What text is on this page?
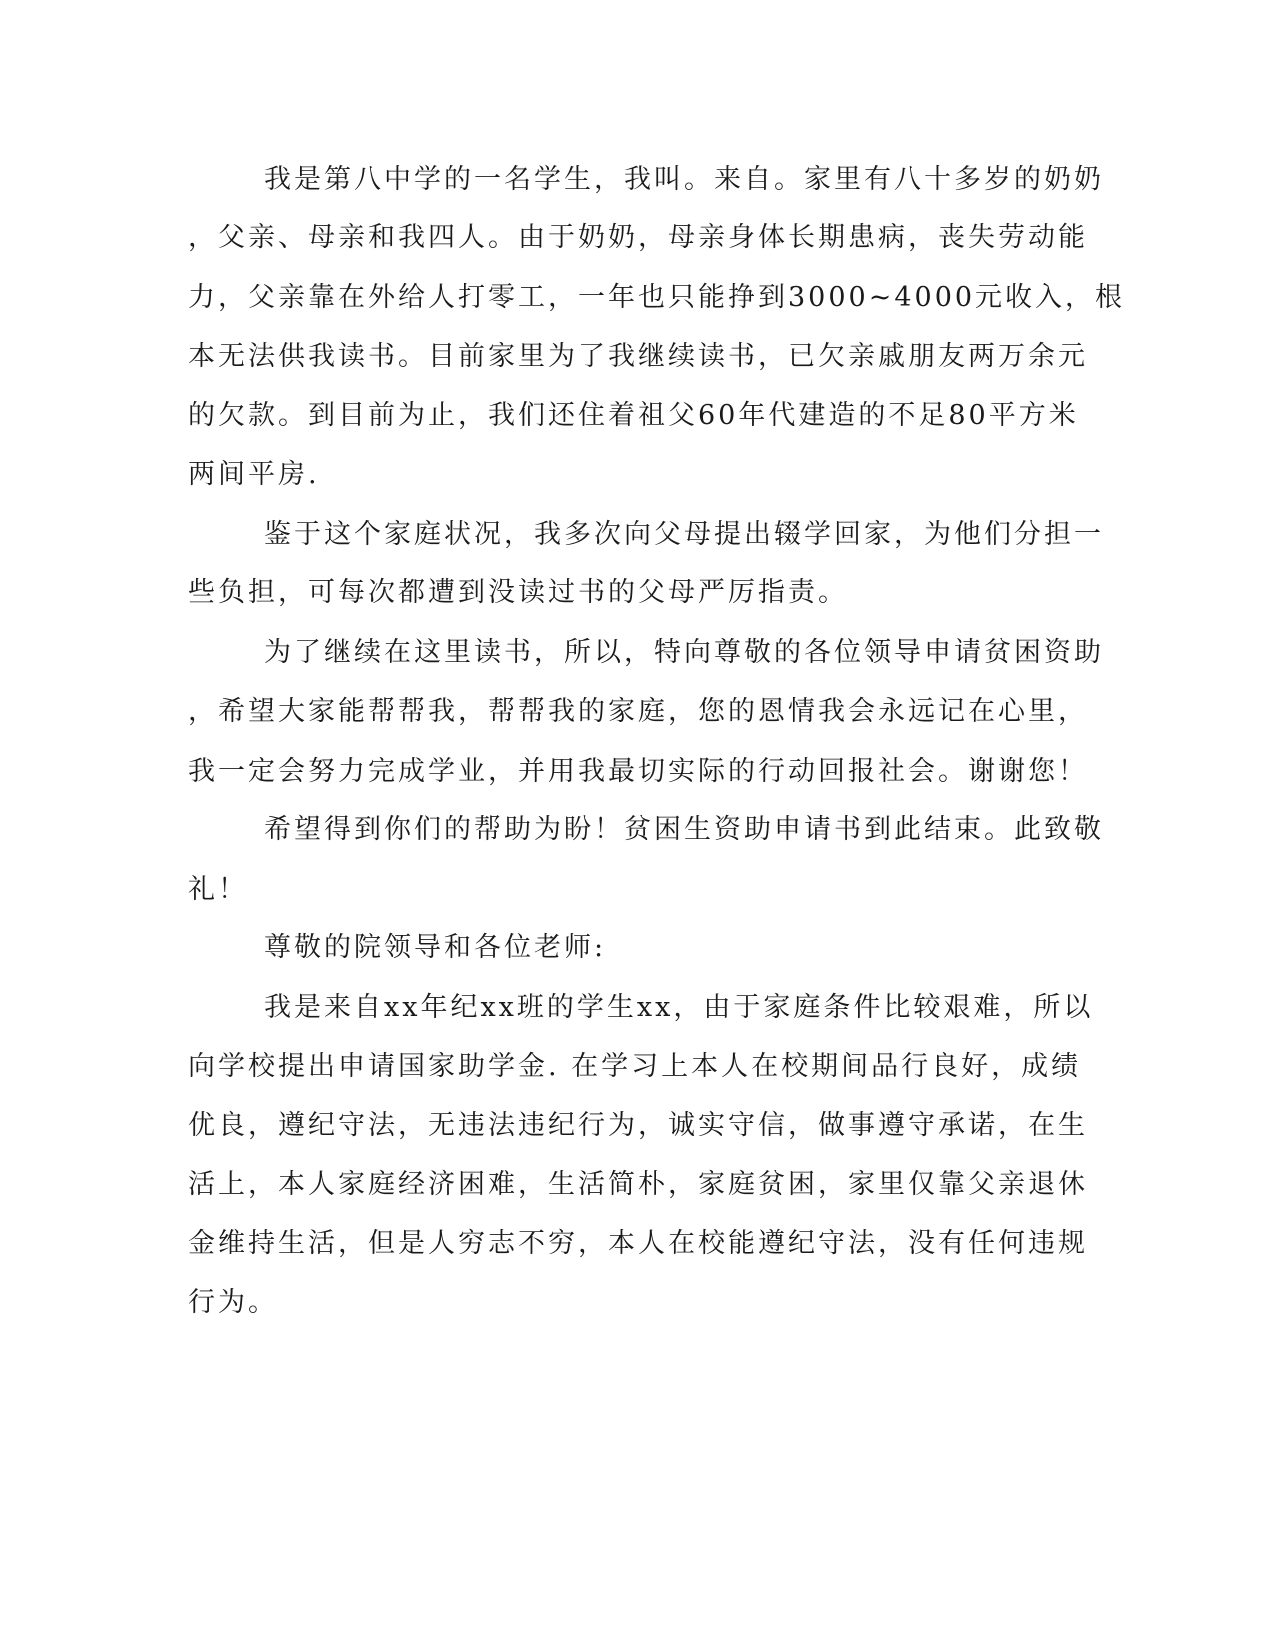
我是第八中学的一名学生，我叫。来自。家里有八十多岁的奶奶
，父亲、母亲和我四人。由于奶奶，母亲身体长期患病，丧失劳动能
力，父亲靠在外给人打零工，一年也只能挣到3000~4000元收入，根
本无法供我读书。目前家里为了我继续读书，已欠亲戚朋友两万余元
的欠款。到目前为止，我们还住着祖父60年代建造的不足80平方米
两间平房.
鉴于这个家庭状况，我多次向父母提出辍学回家，为他们分担一
些负担，可每次都遭到没读过书的父母严厉指责。
为了继续在这里读书，所以，特向尊敬的各位领导申请贫困资助
，希望大家能帮帮我，帮帮我的家庭，您的恩情我会永远记在心里，
我一定会努力完成学业，并用我最切实际的行动回报社会。谢谢您！
希望得到你们的帮助为盼！贫困生资助申请书到此结束。此致敬
礼！
尊敬的院领导和各位老师:
我是来自xx年纪xx班的学生xx，由于家庭条件比较艰难，所以
向学校提出申请国家助学金. 在学习上本人在校期间品行良好，成绩
优良，遵纪守法，无违法违纪行为，诚实守信，做事遵守承诺，在生
活上，本人家庭经济困难，生活简朴，家庭贫困，家里仅靠父亲退休
金维持生活，但是人穷志不穷，本人在校能遵纪守法，没有任何违规
行为。
